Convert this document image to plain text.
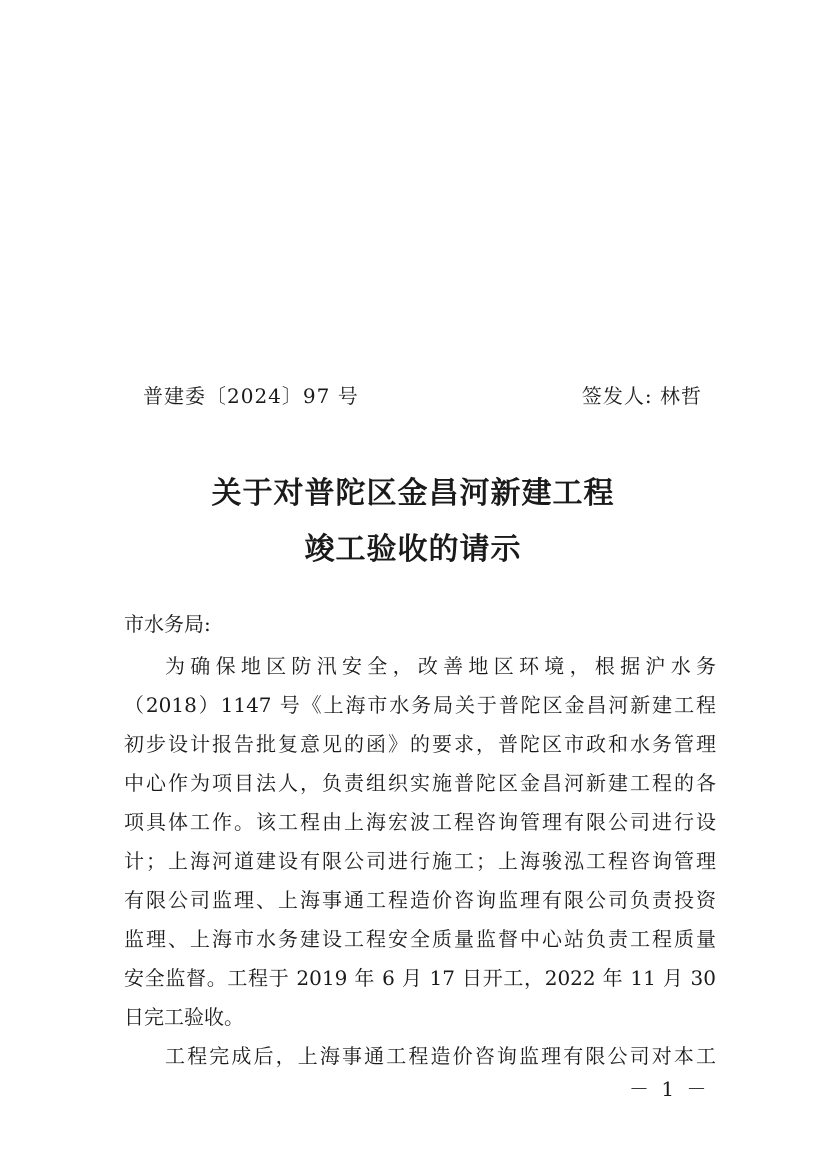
普建委〔2024〕97 号	签发人: 林哲
关于对普陀区金昌河新建工程
竣工验收的请示
市水务局:
为确保地区防汛安全，改善地区环境，根据沪水务
（2018）1147 号《上海市水务局关于普陀区金昌河新建工程
初步设计报告批复意见的函》的要求，普陀区市政和水务管理
中心作为项目法人，负责组织实施普陀区金昌河新建工程的各
项具体工作。该工程由上海宏波工程咨询管理有限公司进行设
计；上海河道建设有限公司进行施工；上海骏泓工程咨询管理
有限公司监理、上海事通工程造价咨询监理有限公司负责投资
监理、上海市水务建设工程安全质量监督中心站负责工程质量
安全监督。工程于 2019 年 6 月 17 日开工，2022 年 11 月 30
日完工验收。
工程完成后，上海事通工程造价咨询监理有限公司对本工
－ 1 －
